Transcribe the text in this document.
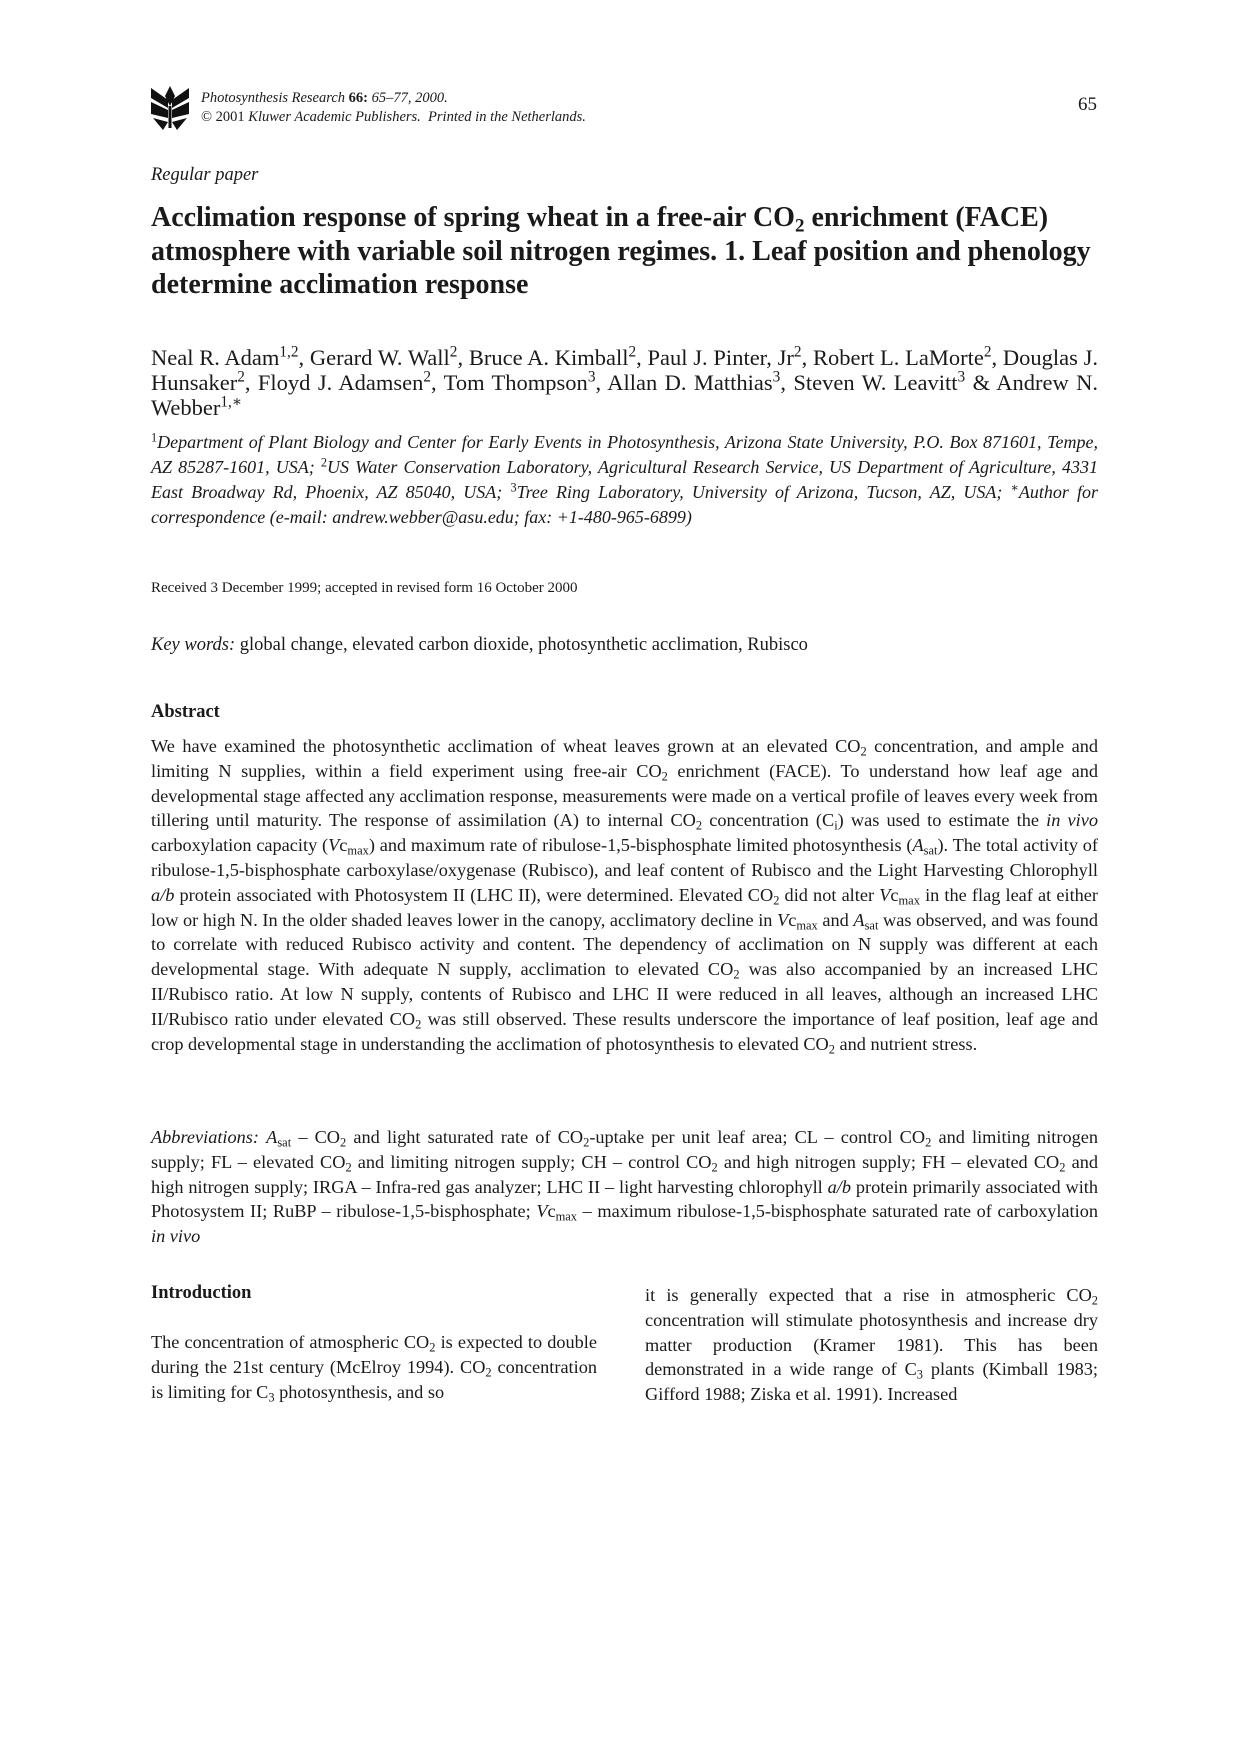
Photosynthesis Research 66: 65–77, 2000.
© 2001 Kluwer Academic Publishers. Printed in the Netherlands.
65
Regular paper
Acclimation response of spring wheat in a free-air $CO_2$ enrichment (FACE) atmosphere with variable soil nitrogen regimes. 1. Leaf position and phenology determine acclimation response
Neal R. Adam$^{1,2}$, Gerard W. Wall$^2$, Bruce A. Kimball$^2$, Paul J. Pinter, Jr$^2$, Robert L. LaMorte$^2$, Douglas J. Hunsaker$^2$, Floyd J. Adamsen$^2$, Tom Thompson$^3$, Allan D. Matthias$^3$, Steven W. Leavitt$^3$ & Andrew N. Webber$^{1,∗}$
$^1$Department of Plant Biology and Center for Early Events in Photosynthesis, Arizona State University, P.O. Box 871601, Tempe, AZ 85287-1601, USA; $^2$US Water Conservation Laboratory, Agricultural Research Service, US Department of Agriculture, 4331 East Broadway Rd, Phoenix, AZ 85040, USA; $^3$Tree Ring Laboratory, University of Arizona, Tucson, AZ, USA; ∗Author for correspondence (e-mail: andrew.webber@asu.edu; fax: +1-480-965-6899)
Received 3 December 1999; accepted in revised form 16 October 2000
Key words: global change, elevated carbon dioxide, photosynthetic acclimation, Rubisco
Abstract

We have examined the photosynthetic acclimation of wheat leaves grown at an elevated $CO_2$ concentration, and ample and limiting N supplies, within a field experiment using free-air $CO_2$ enrichment (FACE). To understand how leaf age and developmental stage affected any acclimation response, measurements were made on a vertical profile of leaves every week from tillering until maturity. The response of assimilation (A) to internal $CO_2$ concentration $(C_i)$ was used to estimate the in vivo carboxylation capacity $(Vc_{max})$ and maximum rate of ribulose-1,5-bisphosphate limited photosynthesis $(A_{sat})$. The total activity of ribulose-1,5-bisphosphate carboxylase/oxygenase (Rubisco), and leaf content of Rubisco and the Light Harvesting Chlorophyll a/b protein associated with Photosystem II (LHC II), were determined. Elevated $CO_2$ did not alter $Vc_{max}$ in the flag leaf at either low or high N. In the older shaded leaves lower in the canopy, acclimatory decline in $Vc_{max}$ and $A_{sat}$ was observed, and was found to correlate with reduced Rubisco activity and content. The dependency of acclimation on N supply was different at each developmental stage. With adequate N supply, acclimation to elevated $CO_2$ was also accompanied by an increased LHC II/Rubisco ratio. At low N supply, contents of Rubisco and LHC II were reduced in all leaves, although an increased LHC II/Rubisco ratio under elevated $CO_2$ was still observed. These results underscore the importance of leaf position, leaf age and crop developmental stage in understanding the acclimation of photosynthesis to elevated $CO_2$ and nutrient stress.

Abbreviations: $A_{sat} - CO_2$ and light saturated rate of $CO_2$-uptake per unit leaf area; CL – control $CO_2$ and limiting nitrogen supply; FL – elevated $CO_2$ and limiting nitrogen supply; CH – control $CO_2$ and high nitrogen supply; FH – elevated $CO_2$ and high nitrogen supply; IRGA – Infra-red gas analyzer; LHC II – light harvesting chlorophyll a/b protein primarily associated with Photosystem II; RuBP – ribulose-1,5-bisphosphate; $Vc_{max}$ – maximum ribulose-1,5-bisphosphate saturated rate of carboxylation in vivo

Introduction

The concentration of atmospheric $CO_2$ is expected to double during the 21st century (McElroy 1994). $CO_2$ concentration is limiting for $C_3$ photosynthesis, and so

it is generally expected that a rise in atmospheric $CO_2$ concentration will stimulate photosynthesis and increase dry matter production (Kramer 1981). This has been demonstrated in a wide range of $C_3$ plants (Kimball 1983; Gifford 1988; Ziska et al. 1991). Increased
